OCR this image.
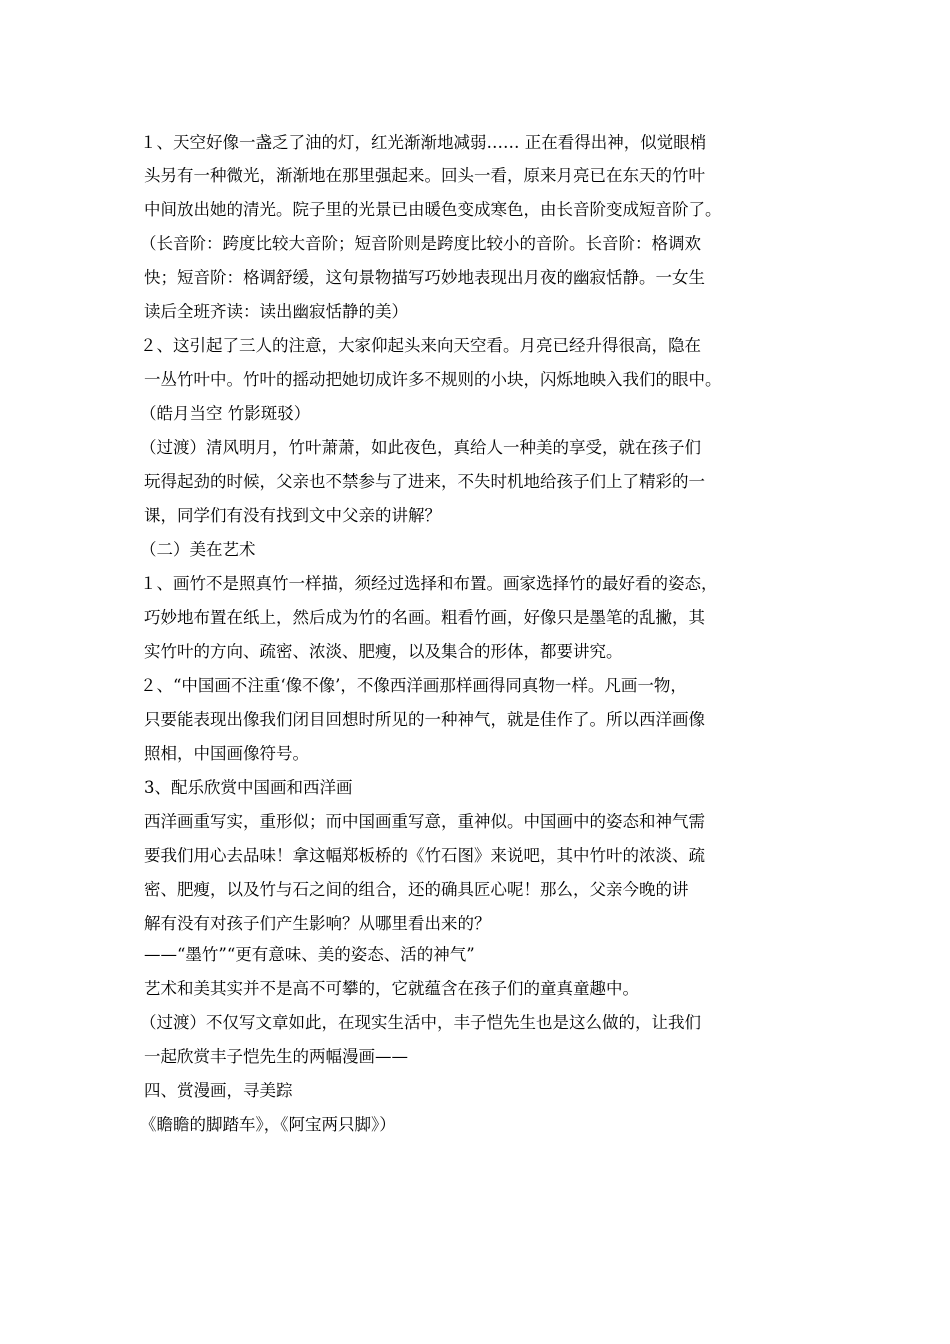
１、天空好像一盏乏了油的灯，红光渐渐地减弱…… 正在看得出神，似觉眼梢
头另有一种微光，渐渐地在那里强起来。回头一看，原来月亮已在东天的竹叶
中间放出她的清光。院子里的光景已由暖色变成寒色，由长音阶变成短音阶了。
（长音阶：跨度比较大音阶；短音阶则是跨度比较小的音阶。长音阶：格调欢
快；短音阶：格调舒缓，这句景物描写巧妙地表现出月夜的幽寂恬静。一女生
读后全班齐读：读出幽寂恬静的美）
２、这引起了三人的注意，大家仰起头来向天空看。月亮已经升得很高，隐在
一丛竹叶中。竹叶的摇动把她切成许多不规则的小块，闪烁地映入我们的眼中。
（皓月当空 竹影斑驳）
（过渡）清风明月，竹叶萧萧，如此夜色，真给人一种美的享受，就在孩子们
玩得起劲的时候，父亲也不禁参与了进来，不失时机地给孩子们上了精彩的一
课，同学们有没有找到文中父亲的讲解？
（二）美在艺术
１、画竹不是照真竹一样描，须经过选择和布置。画家选择竹的最好看的姿态，
巧妙地布置在纸上，然后成为竹的名画。粗看竹画，好像只是墨笔的乱撇，其
实竹叶的方向、疏密、浓淡、肥瘦，以及集合的形体，都要讲究。
２、“中国画不注重‘像不像’，不像西洋画那样画得同真物一样。凡画一物，
只要能表现出像我们闭目回想时所见的一种神气，就是佳作了。所以西洋画像
照相，中国画像符号。
3、配乐欣赏中国画和西洋画
西洋画重写实，重形似；而中国画重写意，重神似。中国画中的姿态和神气需
要我们用心去品味！拿这幅郑板桥的《竹石图》来说吧，其中竹叶的浓淡、疏
密、肥瘦，以及竹与石之间的组合，还的确具匠心呢！那么，父亲今晚的讲
解有没有对孩子们产生影响？从哪里看出来的？
——“墨竹”“更有意味、美的姿态、活的神气”
艺术和美其实并不是高不可攀的，它就蕴含在孩子们的童真童趣中。
（过渡）不仅写文章如此，在现实生活中，丰子恺先生也是这么做的，让我们
一起欣赏丰子恺先生的两幅漫画——
四、赏漫画，寻美踪
《瞻瞻的脚踏车》，《阿宝两只脚》）
